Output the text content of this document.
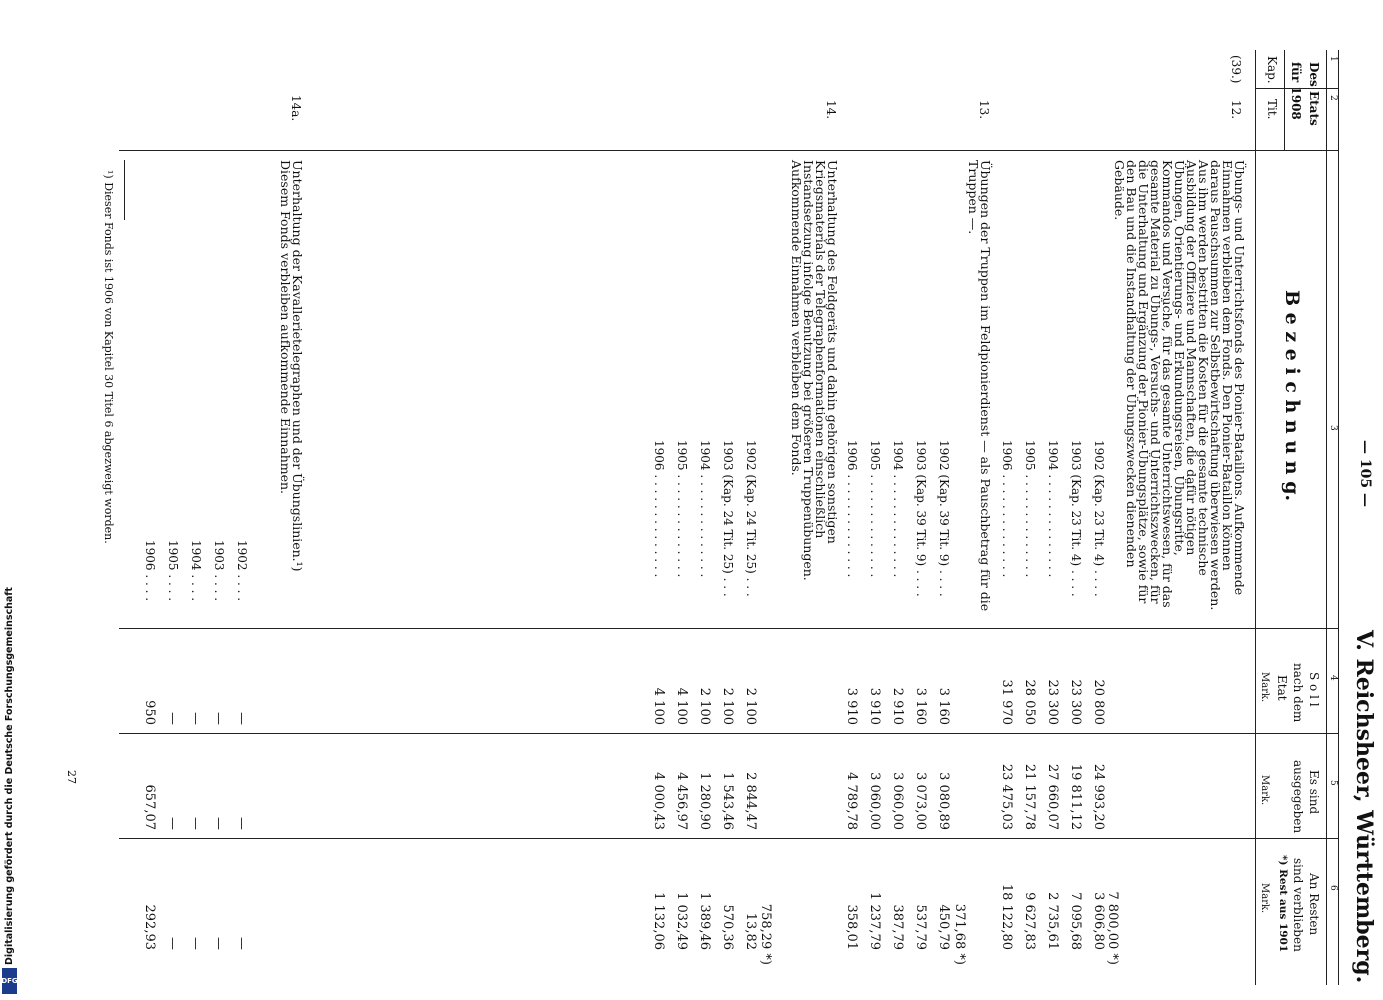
— 105 —
V. Reichsheer, Württemberg.
1
2
3
4
5
6
Des Etats
für 1908
Kap.
Tit.
B e z e i c h n u n g.
S o l l
nach dem
Etat
Mark.
Es sind
ausgegeben
Mark.
An Resten
sind verblieben
*) Rest aus 1901
Mark.
(39.)
12.
Übungs- und Unterrichtsfonds des Pionier-Bataillons. Aufkommende Einnahmen verbleiben dem Fonds. Den Pionier-Bataillon können daraus Pauschsummen zur Selbstbewirtschaftung überwiesen werden. Aus ihm werden bestritten die Kosten für die gesamte technische Ausbildung der Offiziere und Mannschaften, die dafür nötigen Übungen, Orientierungs- und Erkundungsreisen, Übungsritte, Kommandos und Versuche, für das gesamte Unterrichtswesen, für das gesamte Material zu Übungs-, Versuchs- und Unterrichtszwecken, für die Unterhaltung und Ergänzung der Pionier-Übungsplätze, sowie für den Bau und die Instandhaltung der Übungszwecken dienenden Gebäude.
7 800,00 *)
1902 (Kap. 23 Tit. 4) . . . .
20 800
24 993,20
3 606,80
1903 (Kap. 23 Tit. 4) . . . .
23 300
19 811,12
7 095,68
1904 . . . . . . . . . . . . . .
23 300
27 660,07
2 735,61
1905 . . . . . . . . . . . . . .
28 050
21 157,78
9 627,83
1906 . . . . . . . . . . . . . .
31 970
23 475,03
18 122,80
13.
Übungen der Truppen im Feldpionierdienst — als Pauschbetrag für die Truppen —.
371,68 *)
1902 (Kap. 39 Tit. 9) . . . .
3 160
3 080,89
450,79
1903 (Kap. 39 Tit. 9) . . . .
3 160
3 073,00
537,79
1904 . . . . . . . . . . . . . .
2 910
3 060,00
387,79
1905 . . . . . . . . . . . . . .
3 910
3 060,00
1 237,79
1906 . . . . . . . . . . . . . .
3 910
4 789,78
358,01
14.
Unterhaltung des Feldgeräts und dahin gehörigen sonstigen Kriegsmaterials der Telegraphenformationen einschließlich Instandsetzung infolge Benutzung bei größeren Truppenübungen. Aufkommende Einnahmen verbleiben dem Fonds.
758,29 *)
1902 (Kap. 24 Tit. 25) . . .
2 100
2 844,47
13,82
1903 (Kap. 24 Tit. 25) . . .
2 100
1 543,46
570,36
1904 . . . . . . . . . . . . . .
2 100
1 280,90
1 389,46
1905 . . . . . . . . . . . . . .
4 100
4 456,97
1 032,49
1906 . . . . . . . . . . . . . .
4 100
4 000,43
1 132,06
14a.
Unterhaltung der Kavallerietelegraphen und der Übungslinien.¹) Diesem Fonds verbleiben aufkommende Einnahmen.
1902 . . . .
—
—
—
1903 . . . .
—
—
—
1904 . . . .
—
—
—
1905 . . . .
—
—
—
1906 . . . .
950
657,07
292,93
¹) Dieser Fonds ist 1906 von Kapitel 30 Titel 6 abgezweigt worden.
27
Digitalisierung gefördert durch die Deutsche Forschungsgemeinschaft
DFG
